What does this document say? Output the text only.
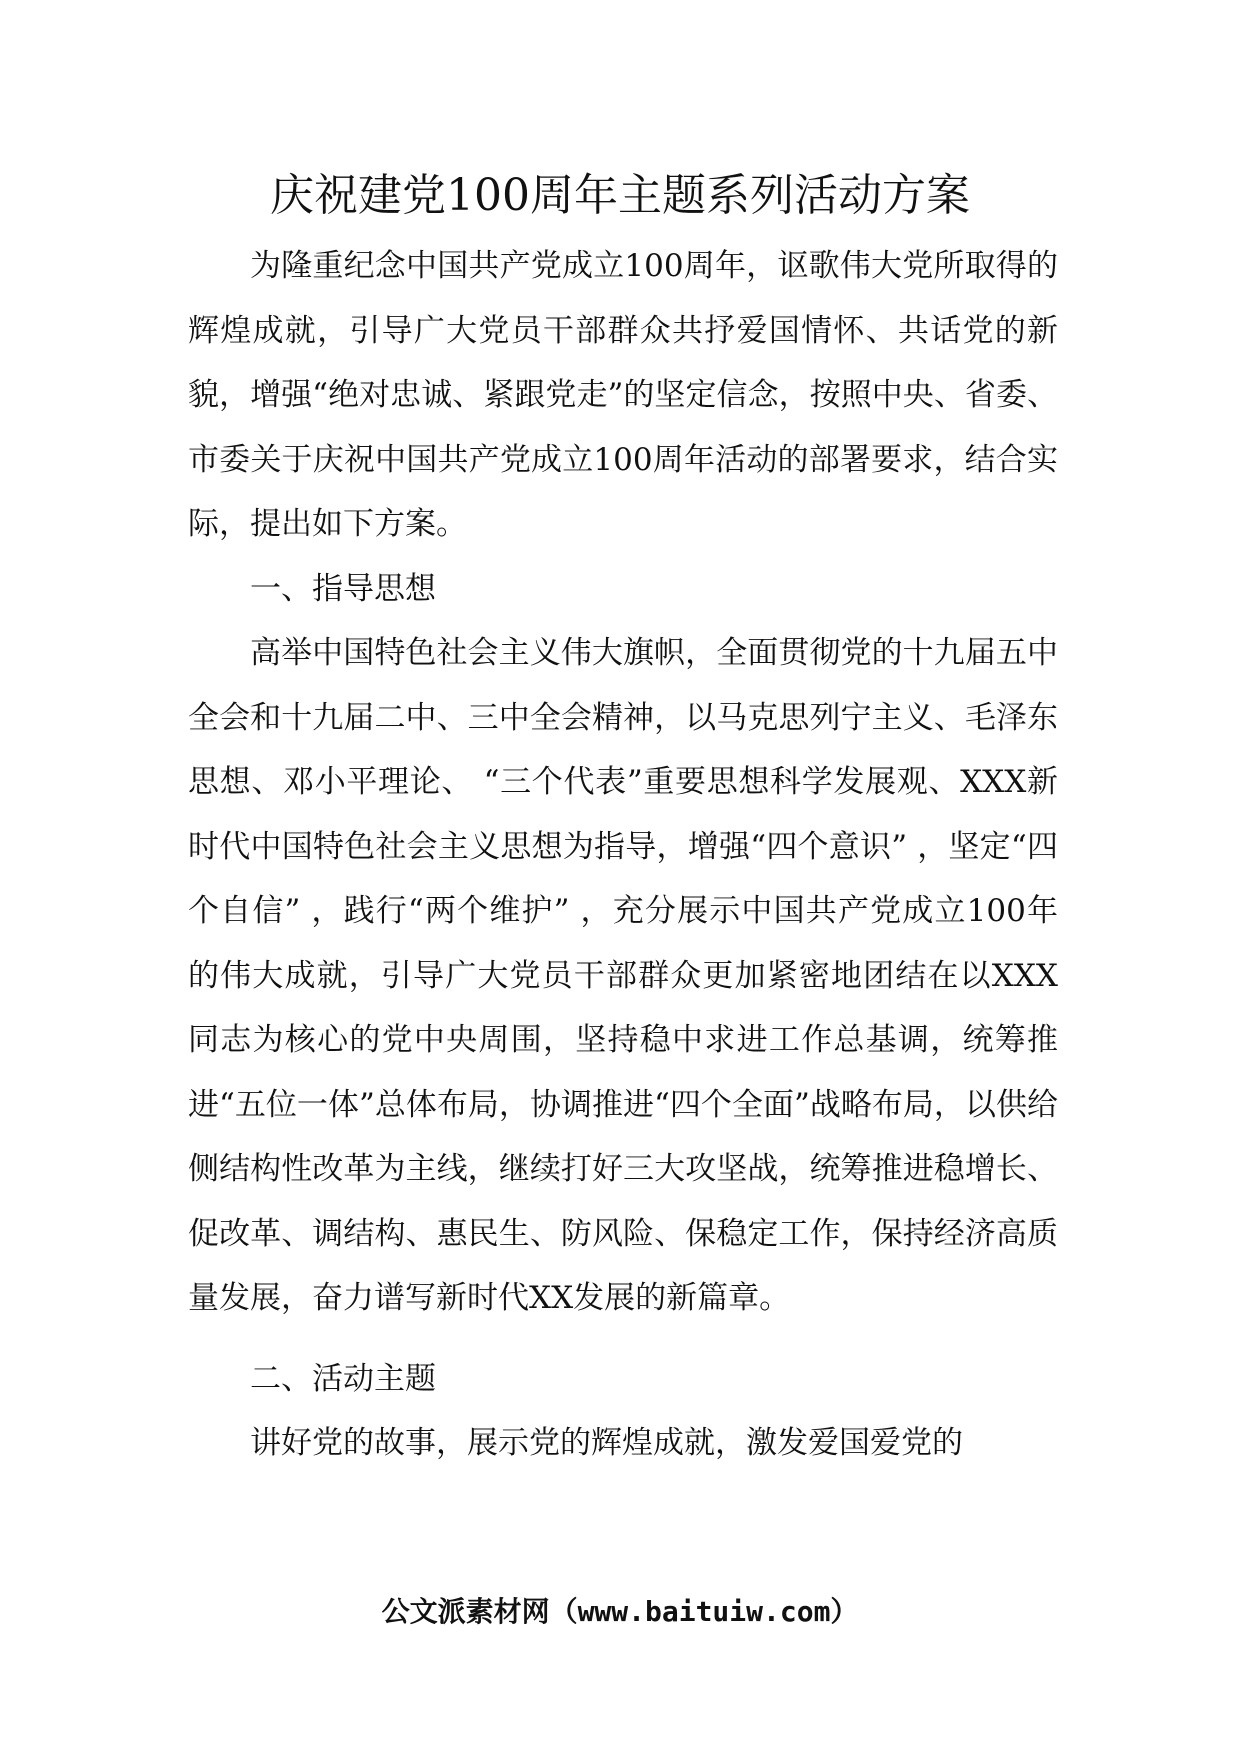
庆祝建党100周年主题系列活动方案

为隆重纪念中国共产党成立100周年，讴歌伟大党所取得的辉煌成就，引导广大党员干部群众共抒爱国情怀、共话党的新貌，增强“绝对忠诚、紧跟党走”的坚定信念，按照中央、省委、市委关于庆祝中国共产党成立100周年活动的部署要求，结合实际，提出如下方案。

一、指导思想

高举中国特色社会主义伟大旗帜，全面贯彻党的十九届五中全会和十九届二中、三中全会精神，以马克思列宁主义、毛泽东思想、邓小平理论、 “三个代表”重要思想科学发展观、XXX新时代中国特色社会主义思想为指导，增强“四个意识” ，坚定“四个自信” ，践行“两个维护” ，充分展示中国共产党成立100年的伟大成就，引导广大党员干部群众更加紧密地团结在以XXX同志为核心的党中央周围，坚持稳中求进工作总基调，统筹推进“五位一体”总体布局，协调推进“四个全面”战略布局，以供给侧结构性改革为主线，继续打好三大攻坚战，统筹推进稳增长、促改革、调结构、惠民生、防风险、保稳定工作，保持经济高质量发展，奋力谱写新时代XX发展的新篇章。

二、活动主题

讲好党的故事，展示党的辉煌成就，激发爱国爱党的

公文派素材网（www.baituiw.com）
